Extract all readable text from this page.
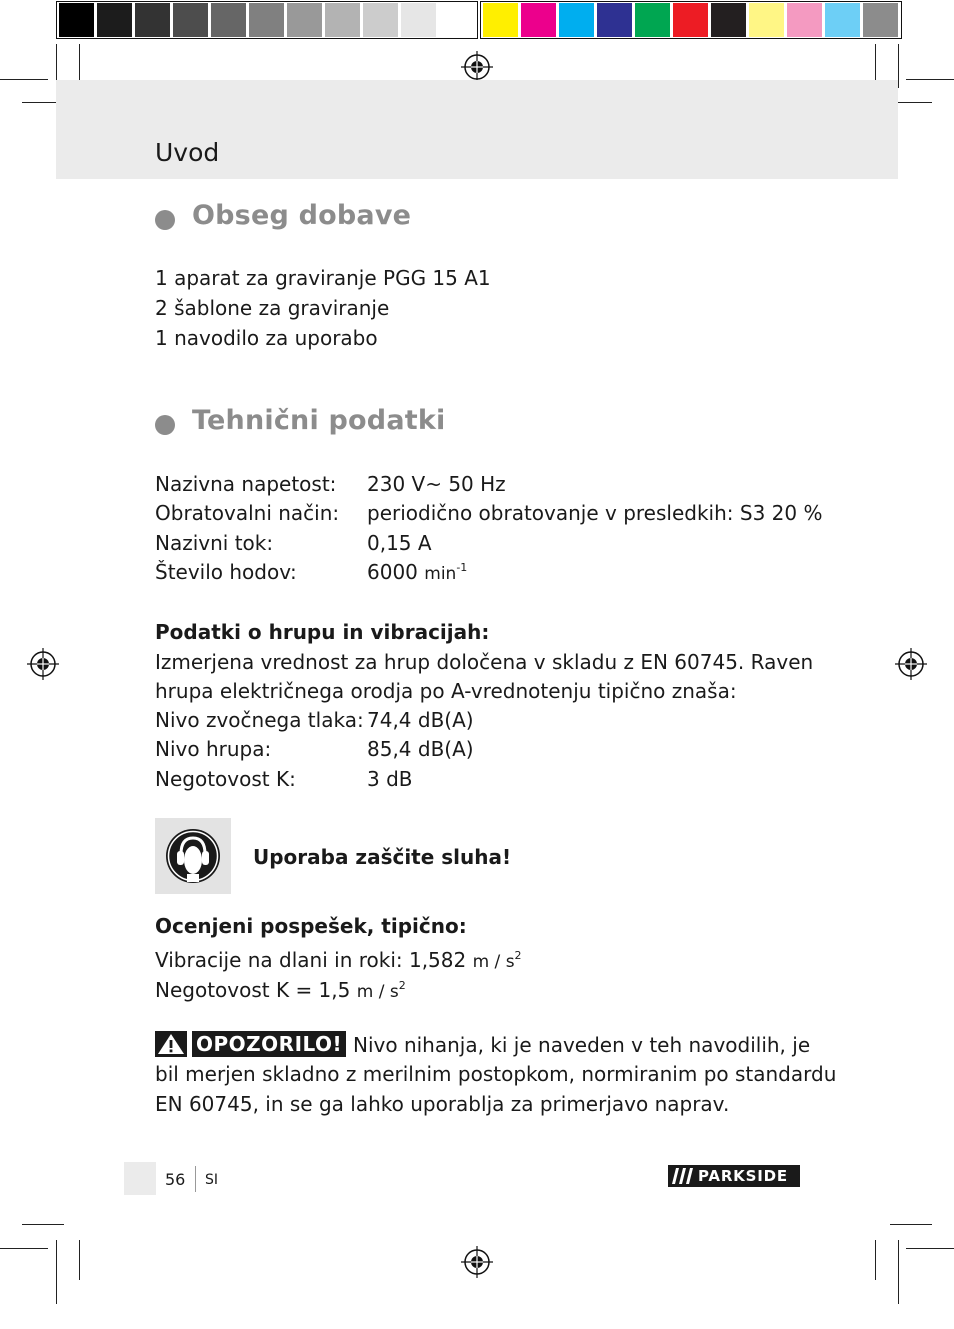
Uvod
Obseg dobave
1 aparat za graviranje PGG 15 A1
2 šablone za graviranje
1 navodilo za uporabo
Tehnični podatki
Nazivna napetost: 230 V~ 50 Hz
Obratovalni način: periodično obratovanje v presledkih: S3 20 %
Nazivni tok:	0,15 A
Število hodov:	6000 $\min^{-1}$
Podatki o hrupu in vibracijah:
Izmerjena vrednost za hrup določena v skladu z EN 60745. Raven
hrupa električnega orodja po A-vrednotenju tipično znaša:
Nivo zvočnega tlaka: 74,4 dB(A)
Nivo hrupa:	85,4 dB(A)
Negotovost K:	3 dB
Uporaba zaščite sluha!
Ocenjeni pospešek, tipično:
Vibracije na dlani in roki: 1,582 m / $s^2$
Negotovost K = 1,5 m / $s^2$
OPOZORILO! Nivo nihanja, ki je naveden v teh navodilih, je
bil merjen skladno z merilnim postopkom, normiranim po standardu
EN 60745, in se ga lahko uporablja za primerjavo naprav.
56 SI	PARKSIDE
